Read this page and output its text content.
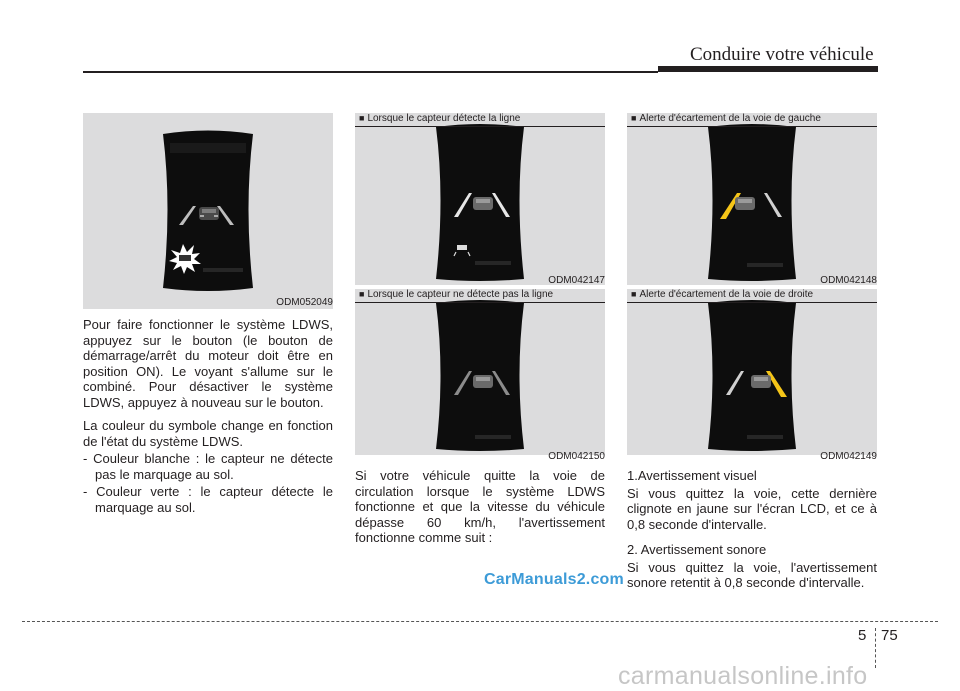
Conduire votre véhicule
ODM052049
■ Lorsque le capteur détecte la ligne
ODM042147
■ Lorsque le capteur ne détecte pas la ligne
ODM042150
■ Alerte d'écartement de la voie de gauche
ODM042148
■ Alerte d'écartement de la voie de droite
ODM042149

Pour faire fonctionner le système LDWS, appuyez sur le bouton (le bouton de démarrage/arrêt du moteur doit être en position ON). Le voyant s'allume sur le combiné. Pour désactiver le système LDWS, appuyez à nouveau sur le bouton.

La couleur du symbole change en fonction de l'état du système LDWS.

- Couleur blanche : le capteur ne détecte pas le marquage au sol.
- Couleur verte : le capteur détecte le marquage au sol.

Si votre véhicule quitte la voie de circulation lorsque le système LDWS fonctionne et que la vitesse du véhicule dépasse 60 km/h, l'avertissement fonctionne comme suit :

1.Avertissement visuel

Si vous quittez la voie, cette dernière clignote en jaune sur l'écran LCD, et ce à 0,8 seconde d'intervalle.

2. Avertissement sonore

Si vous quittez la voie, l'avertissement sonore retentit à 0,8 seconde d'intervalle.

CarManuals2.com
5 75
carmanualsonline.info
